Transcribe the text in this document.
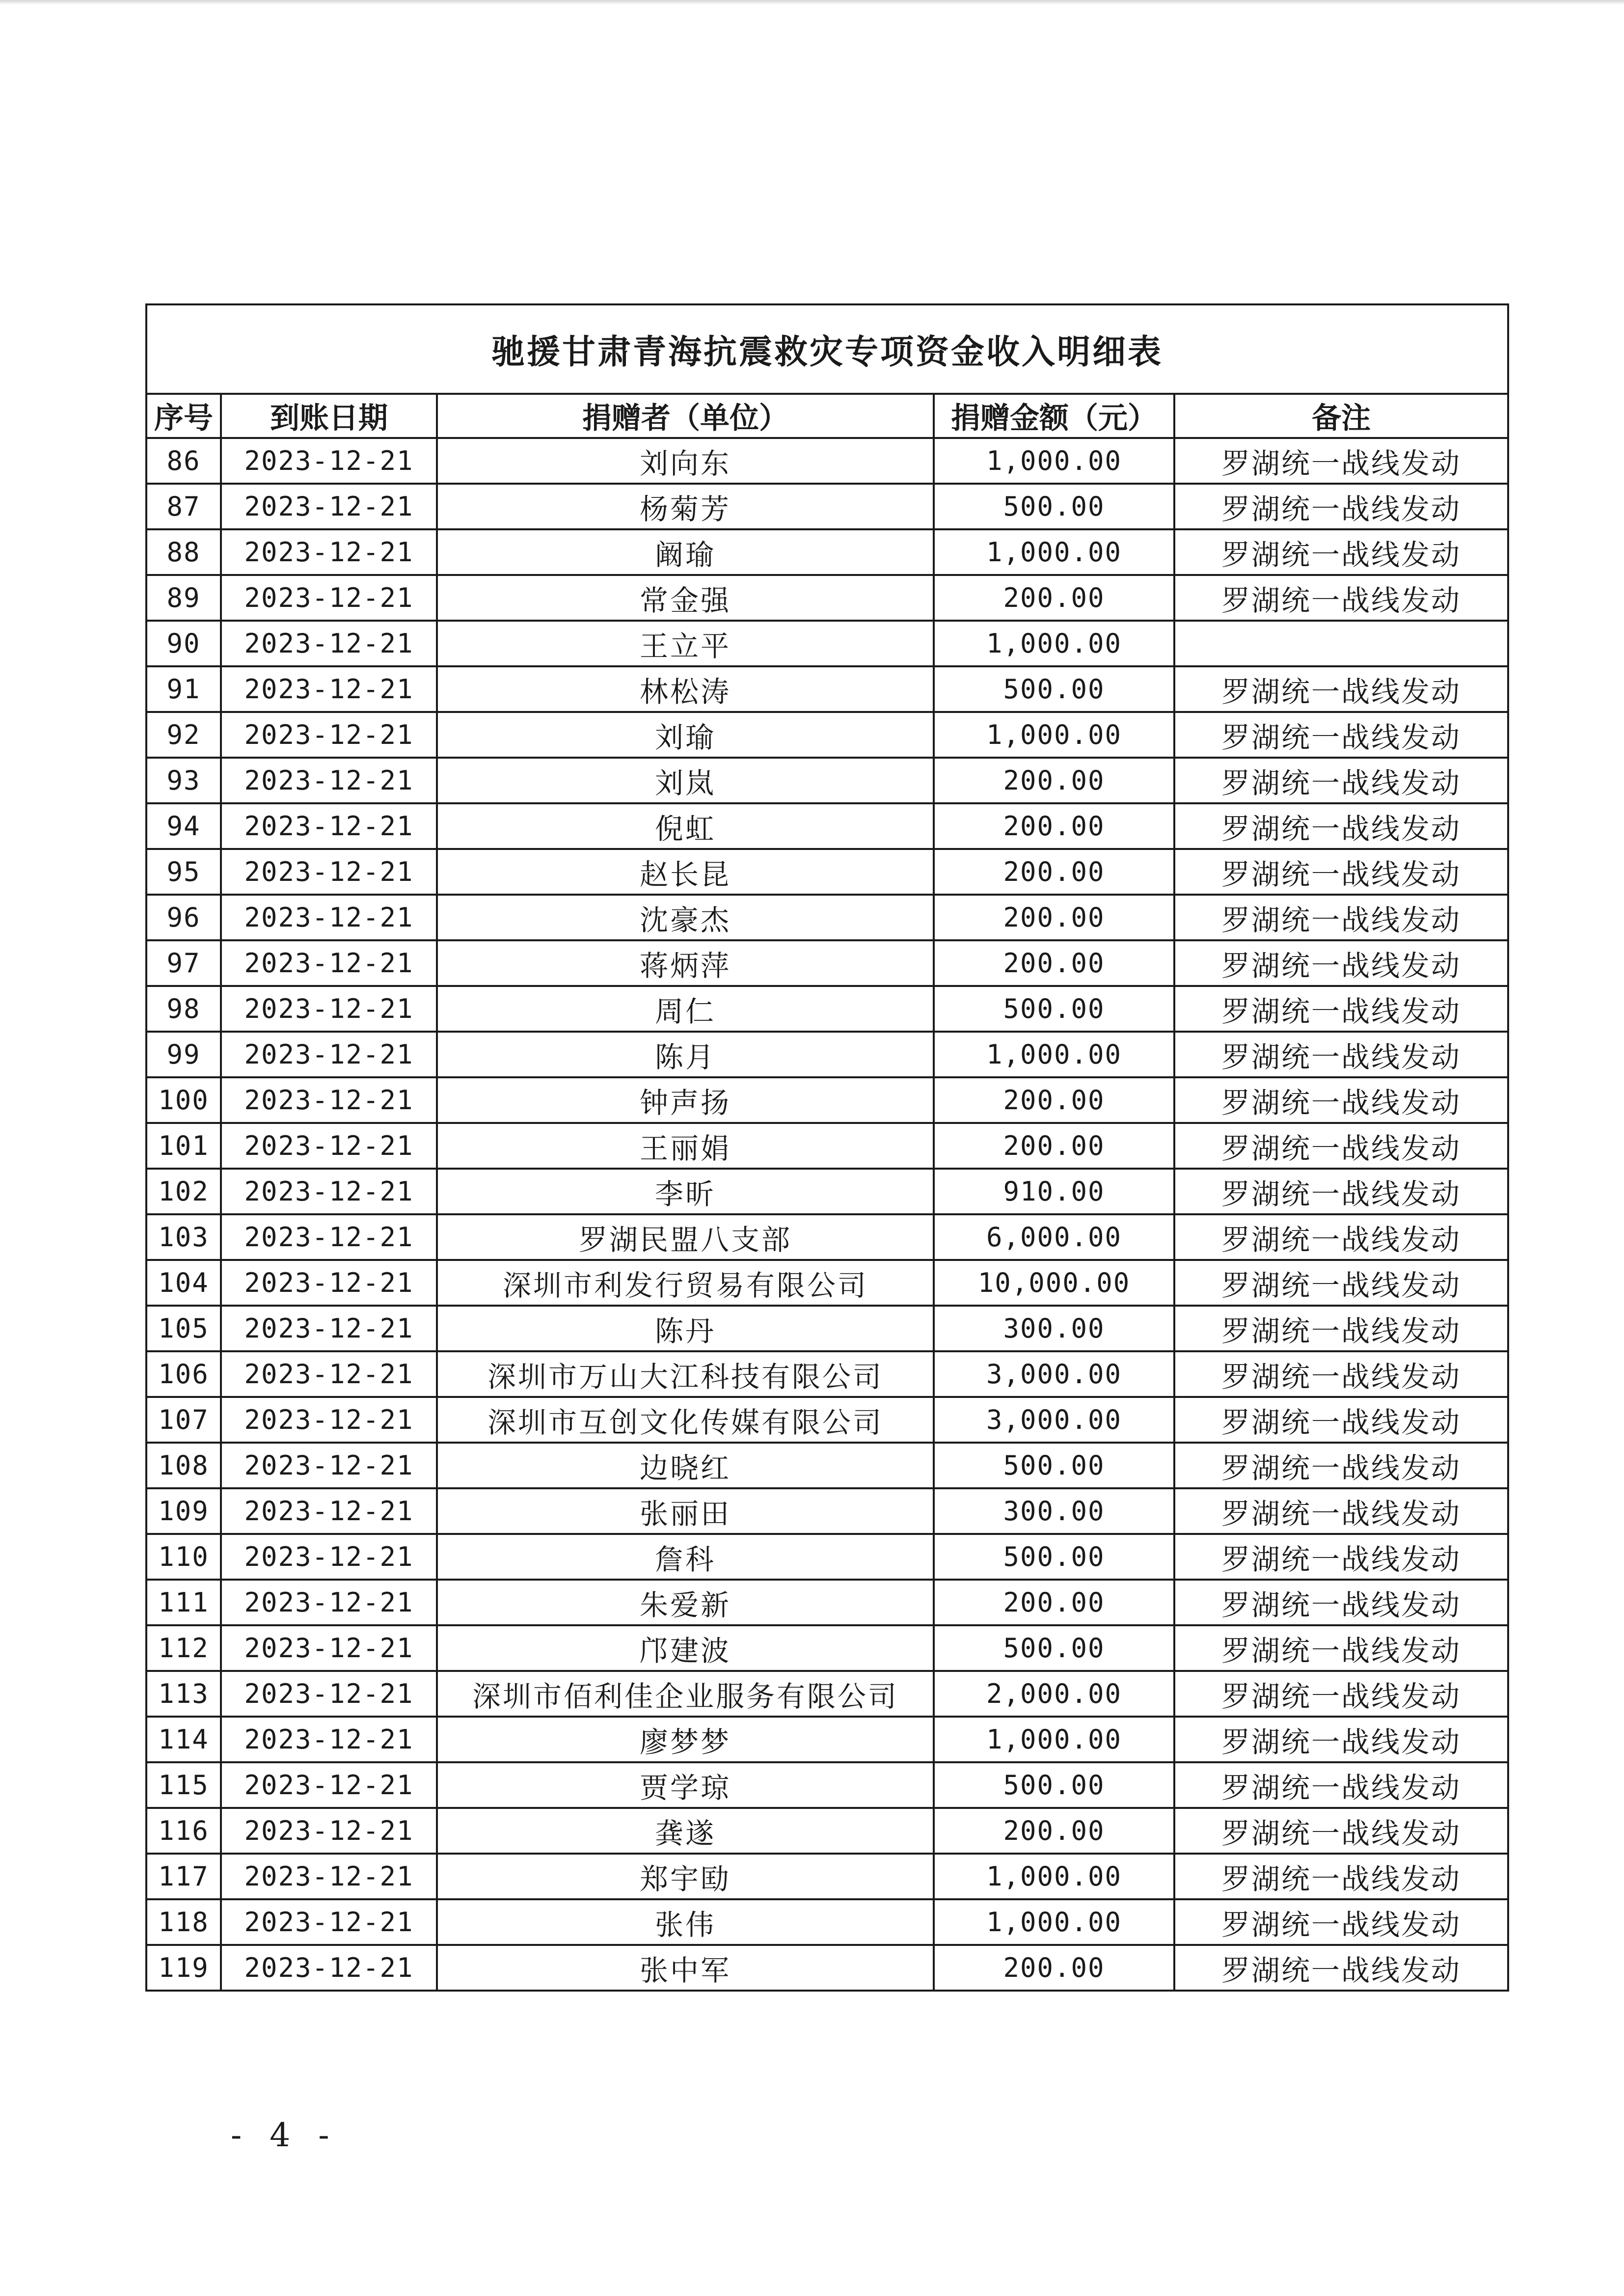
驰援甘肃青海抗震救灾专项资金收入明细表				
序号	到账日期	捐赠者（单位）	捐赠金额（元）	备注
86	2023-12-21	刘向东	1,000.00	罗湖统一战线发动
87	2023-12-21	杨菊芳	500.00	罗湖统一战线发动
88	2023-12-21	阚瑜	1,000.00	罗湖统一战线发动
89	2023-12-21	常金强	200.00	罗湖统一战线发动
90	2023-12-21	王立平	1,000.00	
91	2023-12-21	林松涛	500.00	罗湖统一战线发动
92	2023-12-21	刘瑜	1,000.00	罗湖统一战线发动
93	2023-12-21	刘岚	200.00	罗湖统一战线发动
94	2023-12-21	倪虹	200.00	罗湖统一战线发动
95	2023-12-21	赵长昆	200.00	罗湖统一战线发动
96	2023-12-21	沈豪杰	200.00	罗湖统一战线发动
97	2023-12-21	蒋炳萍	200.00	罗湖统一战线发动
98	2023-12-21	周仁	500.00	罗湖统一战线发动
99	2023-12-21	陈月	1,000.00	罗湖统一战线发动
100	2023-12-21	钟声扬	200.00	罗湖统一战线发动
101	2023-12-21	王丽娟	200.00	罗湖统一战线发动
102	2023-12-21	李昕	910.00	罗湖统一战线发动
103	2023-12-21	罗湖民盟八支部	6,000.00	罗湖统一战线发动
104	2023-12-21	深圳市利发行贸易有限公司	10,000.00	罗湖统一战线发动
105	2023-12-21	陈丹	300.00	罗湖统一战线发动
106	2023-12-21	深圳市万山大江科技有限公司	3,000.00	罗湖统一战线发动
107	2023-12-21	深圳市互创文化传媒有限公司	3,000.00	罗湖统一战线发动
108	2023-12-21	边晓红	500.00	罗湖统一战线发动
109	2023-12-21	张丽田	300.00	罗湖统一战线发动
110	2023-12-21	詹科	500.00	罗湖统一战线发动
111	2023-12-21	朱爱新	200.00	罗湖统一战线发动
112	2023-12-21	邝建波	500.00	罗湖统一战线发动
113	2023-12-21	深圳市佰利佳企业服务有限公司	2,000.00	罗湖统一战线发动
114	2023-12-21	廖梦梦	1,000.00	罗湖统一战线发动
115	2023-12-21	贾学琼	500.00	罗湖统一战线发动
116	2023-12-21	龚遂	200.00	罗湖统一战线发动
117	2023-12-21	郑宇劻	1,000.00	罗湖统一战线发动
118	2023-12-21	张伟	1,000.00	罗湖统一战线发动
119	2023-12-21	张中军	200.00	罗湖统一战线发动
- 4 -
